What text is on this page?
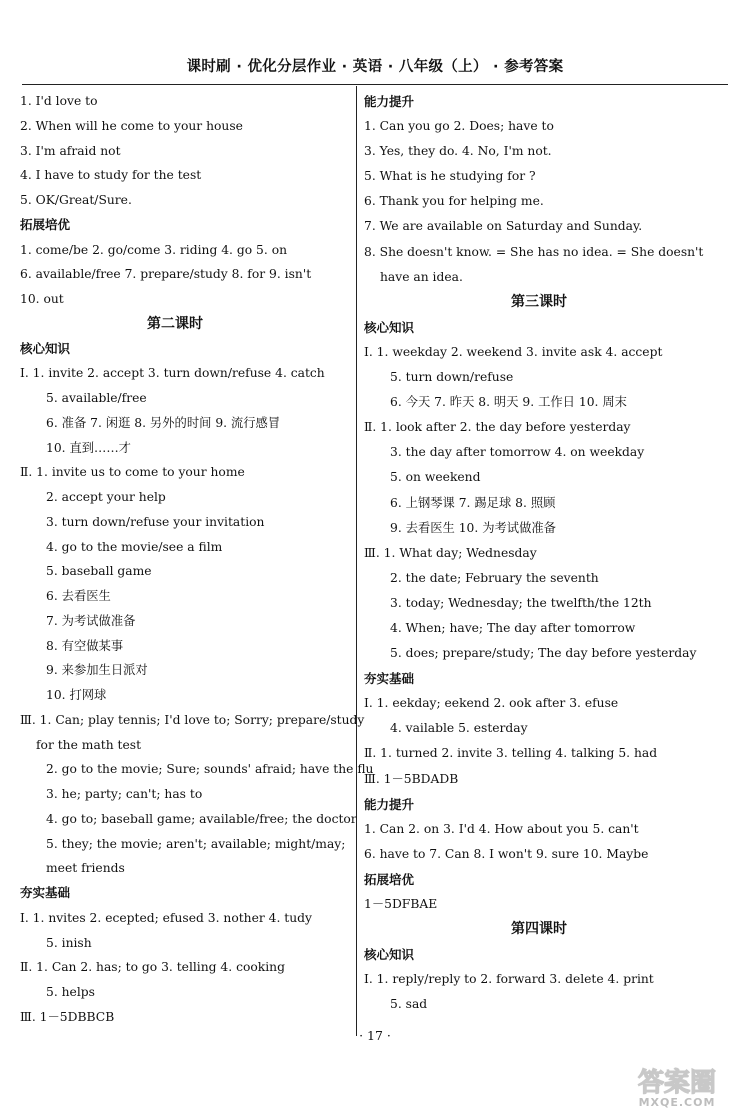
课时刷 · 优化分层作业 · 英语 · 八年级（上） · 参考答案
1. I'd love to
2. When will he come to your house
3. I'm afraid not
4. I have to study for the test
5. OK/Great/Sure.
拓展培优
1. come/be 2. go/come 3. riding 4. go 5. on
6. available/free 7. prepare/study 8. for 9. isn't
10. out
第二课时
核心知识
Ⅰ. 1. invite 2. accept 3. turn down/refuse 4. catch
5. available/free
6. 准备 7. 闲逛 8. 另外的时间 9. 流行感冒
10. 直到……才
Ⅱ. 1. invite us to come to your home
2. accept your help
3. turn down/refuse your invitation
4. go to the movie/see a film
5. baseball game
6. 去看医生
7. 为考试做准备
8. 有空做某事
9. 来参加生日派对
10. 打网球
Ⅲ. 1. Can; play tennis; I'd love to; Sorry; prepare/study
for the math test
2. go to the movie; Sure; sounds' afraid; have the flu
3. he; party; can't; has to
4. go to; baseball game; available/free; the doctor
5. they; the movie; aren't; available; might/may;
meet friends
夯实基础
Ⅰ. 1. nvites 2. ecepted; efused 3. nother 4. tudy
5. inish
Ⅱ. 1. Can 2. has; to go 3. telling 4. cooking
5. helps
Ⅲ. 1－5DBBCB
能力提升
1. Can you go 2. Does; have to
3. Yes, they do. 4. No, I'm not.
5. What is he studying for ?
6. Thank you for helping me.
7. We are available on Saturday and Sunday.
8. She doesn't know. = She has no idea. = She doesn't
have an idea.
第三课时
核心知识
Ⅰ. 1. weekday 2. weekend 3. invite ask 4. accept
5. turn down/refuse
6. 今天 7. 昨天 8. 明天 9. 工作日 10. 周末
Ⅱ. 1. look after 2. the day before yesterday
3. the day after tomorrow 4. on weekday
5. on weekend
6. 上钢琴课 7. 踢足球 8. 照顾
9. 去看医生 10. 为考试做准备
Ⅲ. 1. What day; Wednesday
2. the date; February the seventh
3. today; Wednesday; the twelfth/the 12th
4. When; have; The day after tomorrow
5. does; prepare/study; The day before yesterday
夯实基础
Ⅰ. 1. eekday; eekend 2. ook after 3. efuse
4. vailable 5. esterday
Ⅱ. 1. turned 2. invite 3. telling 4. talking 5. had
Ⅲ. 1－5BDADB
能力提升
1. Can 2. on 3. I'd 4. How about you 5. can't
6. have to 7. Can 8. I won't 9. sure 10. Maybe
拓展培优
1－5DFBAE
第四课时
核心知识
Ⅰ. 1. reply/reply to 2. forward 3. delete 4. print
5. sad
· 17 ·
答案圈
MXQE.COM
